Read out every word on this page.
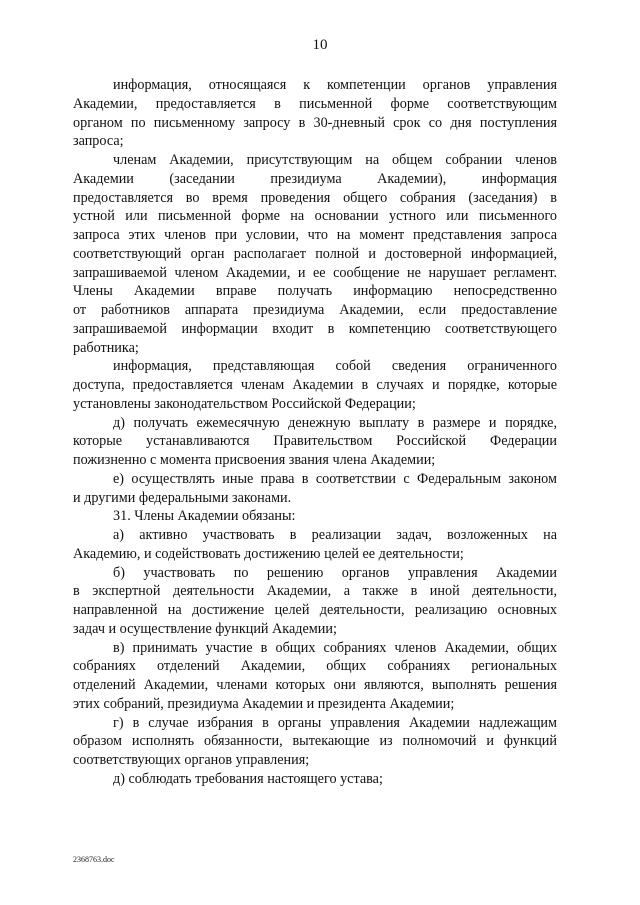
10
информация, относящаяся к компетенции органов управления
Академии, предоставляется в письменной форме соответствующим
органом по письменному запросу в 30-дневный срок со дня поступления
запроса;
членам Академии, присутствующим на общем собрании членов
Академии (заседании президиума Академии), информация
предоставляется во время проведения общего собрания (заседания) в
устной или письменной форме на основании устного или письменного
запроса этих членов при условии, что на момент представления запроса
соответствующий орган располагает полной и достоверной информацией,
запрашиваемой членом Академии, и ее сообщение не нарушает регламент.
Члены Академии вправе получать информацию непосредственно
от работников аппарата президиума Академии, если предоставление
запрашиваемой информации входит в компетенцию соответствующего
работника;
информация, представляющая собой сведения ограниченного
доступа, предоставляется членам Академии в случаях и порядке, которые
установлены законодательством Российской Федерации;
д) получать ежемесячную денежную выплату в размере и порядке,
которые устанавливаются Правительством Российской Федерации
пожизненно с момента присвоения звания члена Академии;
е) осуществлять иные права в соответствии с Федеральным законом
и другими федеральными законами.
31. Члены Академии обязаны:
а) активно участвовать в реализации задач, возложенных на
Академию, и содействовать достижению целей ее деятельности;
б) участвовать по решению органов управления Академии
в экспертной деятельности Академии, а также в иной деятельности,
направленной на достижение целей деятельности, реализацию основных
задач и осуществление функций Академии;
в) принимать участие в общих собраниях членов Академии, общих
собраниях отделений Академии, общих собраниях региональных
отделений Академии, членами которых они являются, выполнять решения
этих собраний, президиума Академии и президента Академии;
г) в случае избрания в органы управления Академии надлежащим
образом исполнять обязанности, вытекающие из полномочий и функций
соответствующих органов управления;
д) соблюдать требования настоящего устава;
2368763.doc
